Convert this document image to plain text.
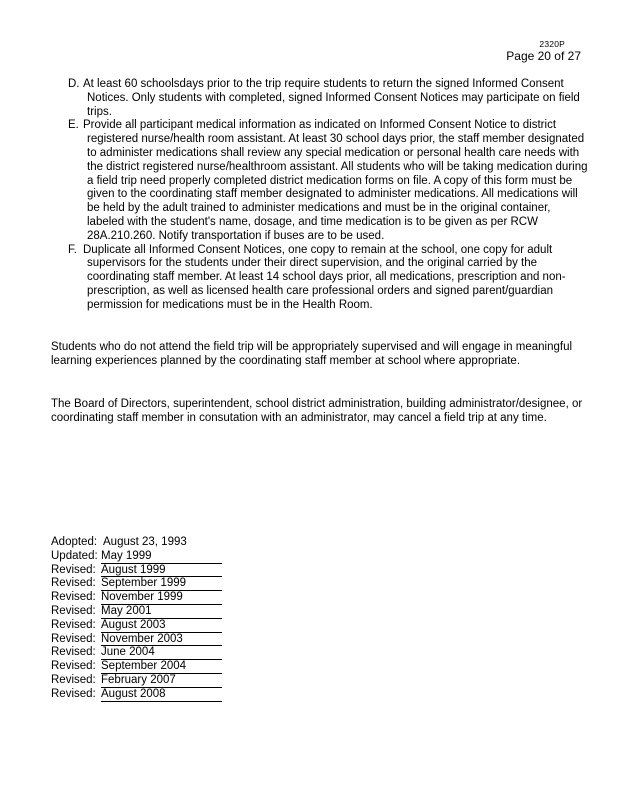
2320P
Page 20 of 27
D. At least 60 schoolsdays prior to the trip require students to return the signed Informed Consent Notices. Only students with completed, signed Informed Consent Notices may participate on field trips.
E. Provide all participant medical information as indicated on Informed Consent Notice to district registered nurse/health room assistant. At least 30 school days prior, the staff member designated to administer medications shall review any special medication or personal health care needs with the district registered nurse/healthroom assistant. All students who will be taking medication during a field trip need properly completed district medication forms on file. A copy of this form must be given to the coordinating staff member designated to administer medications. All medications will be held by the adult trained to administer medications and must be in the original container, labeled with the student's name, dosage, and time medication is to be given as per RCW 28A.210.260. Notify transportation if buses are to be used.
F. Duplicate all Informed Consent Notices, one copy to remain at the school, one copy for adult supervisors for the students under their direct supervision, and the original carried by the coordinating staff member. At least 14 school days prior, all medications, prescription and non-prescription, as well as licensed health care professional orders and signed parent/guardian permission for medications must be in the Health Room.

Students who do not attend the field trip will be appropriately supervised and will engage in meaningful learning experiences planned by the coordinating staff member at school where appropriate.

The Board of Directors, superintendent, school district administration, building administrator/designee, or coordinating staff member in consutation with an administrator, may cancel a field trip at any time.

Adopted: August 23, 1993
Updated: May 1999
Revised: August 1999
Revised: September 1999
Revised: November 1999
Revised: May 2001
Revised: August 2003
Revised: November 2003
Revised: June 2004
Revised: September 2004
Revised: February 2007
Revised: August 2008
